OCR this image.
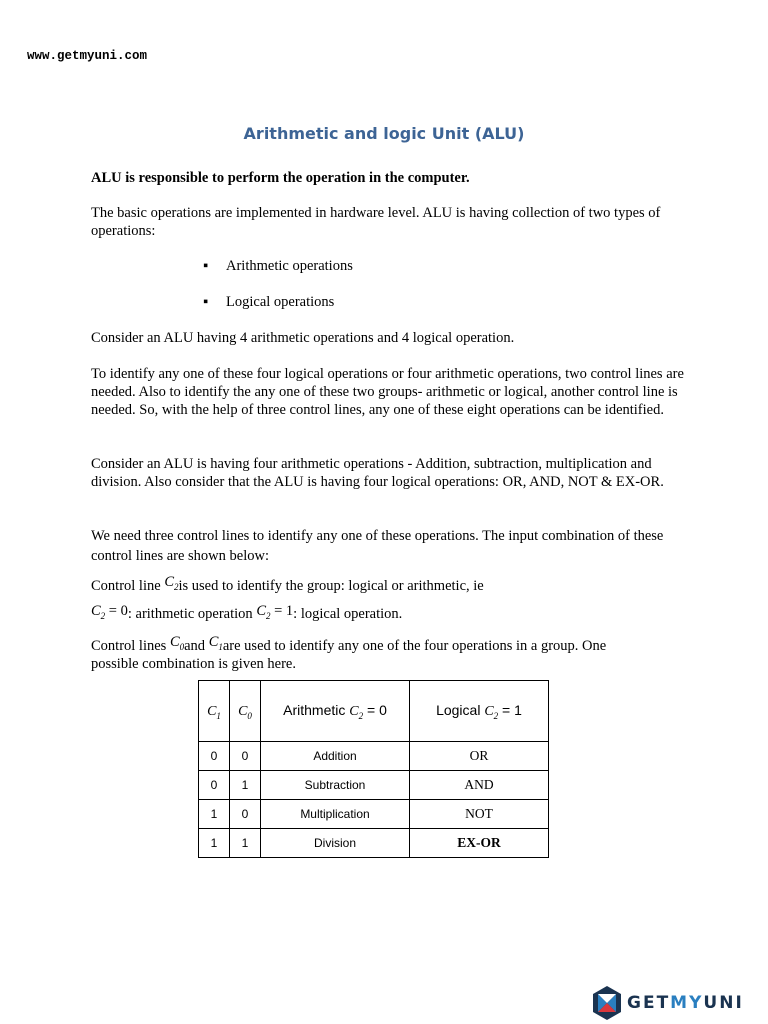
www.getmyuni.com
Arithmetic and logic Unit (ALU)
ALU is responsible to perform the operation in the computer.
The basic operations are implemented in hardware level. ALU is having collection of two types of operations:
▪ Arithmetic operations
▪ Logical operations
Consider an ALU having 4 arithmetic operations and 4 logical operation.
To identify any one of these four logical operations or four arithmetic operations, two control lines are needed. Also to identify the any one of these two groups- arithmetic or logical, another control line is needed. So, with the help of three control lines, any one of these eight operations can be identified.
Consider an ALU is having four arithmetic operations - Addition, subtraction, multiplication and division. Also consider that the ALU is having four logical operations: OR, AND, NOT & EX-OR.
We need three control lines to identify any one of these operations. The input combination of these control lines are shown below:
Control line $C_2is$ used to identify the group: logical or arithmetic, ie
$C_2 = 0$: arithmetic operation $C_2 = 1$: logical operation.
Control lines $C_0and$ $C_1are$ used to identify any one of the four operations in a group. One
possible combination is given here.
$C_1$	$C_0$	Arithmetic $C_2 = 0$	Logical $C_2 = 1$
0	0	Addition	OR
0	1	Subtraction	AND
1	0	Multiplication	NOT
1	1	Division	EX-OR
GETMYUNI
